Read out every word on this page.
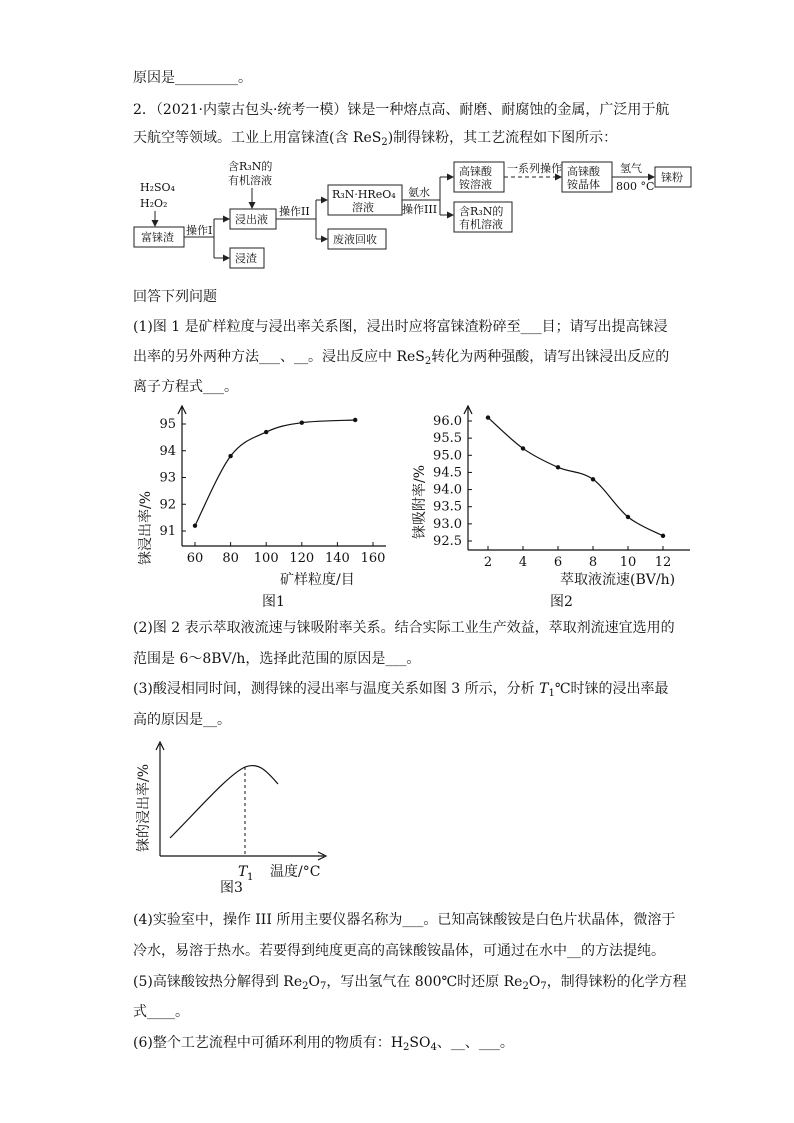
原因是_________。
2．（2021·内蒙古包头·统考一模）铼是一种熔点高、耐磨、耐腐蚀的金属，广泛用于航
天航空等领域。工业上用富铼渣(含 ReS$_2$)制得铼粉，其工艺流程如下图所示：
H₂SO₄
H₂O₂
富铼渣
操作I
浸出液
浸渣
含R₃N的
有机溶液
操作II
R₃N·HReO₄
溶液
废液回收
氨水
操作III
高铼酸
铵溶液
含R₃N的
有机溶液
一系列操作 高铼酸
铵晶体
氢气
800 °C
铼粉
回答下列问题
(1)图 1 是矿样粒度与浸出率关系图，浸出时应将富铼渣粉碎至___目；请写出提高铼浸
出率的另外两种方法___、__。浸出反应中 ReS$_2$转化为两种强酸，请写出铼浸出反应的
离子方程式___。
60 80 100 120 140 160
91
92
93
94
95
铼浸出率/%
矿样粒度/目
图1
2 4 6 8 10 12
92.5
93.0
93.5
94.0
94.5
95.0
95.5
96.0
铼吸附率/%
萃取液流速(BV/h)
图2
(2)图 2 表示萃取液流速与铼吸附率关系。结合实际工业生产效益，萃取剂流速宜选用的
范围是 6～8BV/h，选择此范围的原因是___。
(3)酸浸相同时间，测得铼的浸出率与温度关系如图 3 所示，分析 $T_1℃$时铼的浸出率最
高的原因是__。
铼的浸出率/%
T 1 温度/°C
图3
(4)实验室中，操作 III 所用主要仪器名称为___。已知高铼酸铵是白色片状晶体，微溶于
冷水，易溶于热水。若要得到纯度更高的高铼酸铵晶体，可通过在水中__的方法提纯。
(5)高铼酸铵热分解得到 $Re_2O_7$，写出氢气在 800℃时还原 $Re_2O_7$，制得铼粉的化学方程
式____。
(6)整个工艺流程中可循环利用的物质有：$H_2SO_4$、__、___。
